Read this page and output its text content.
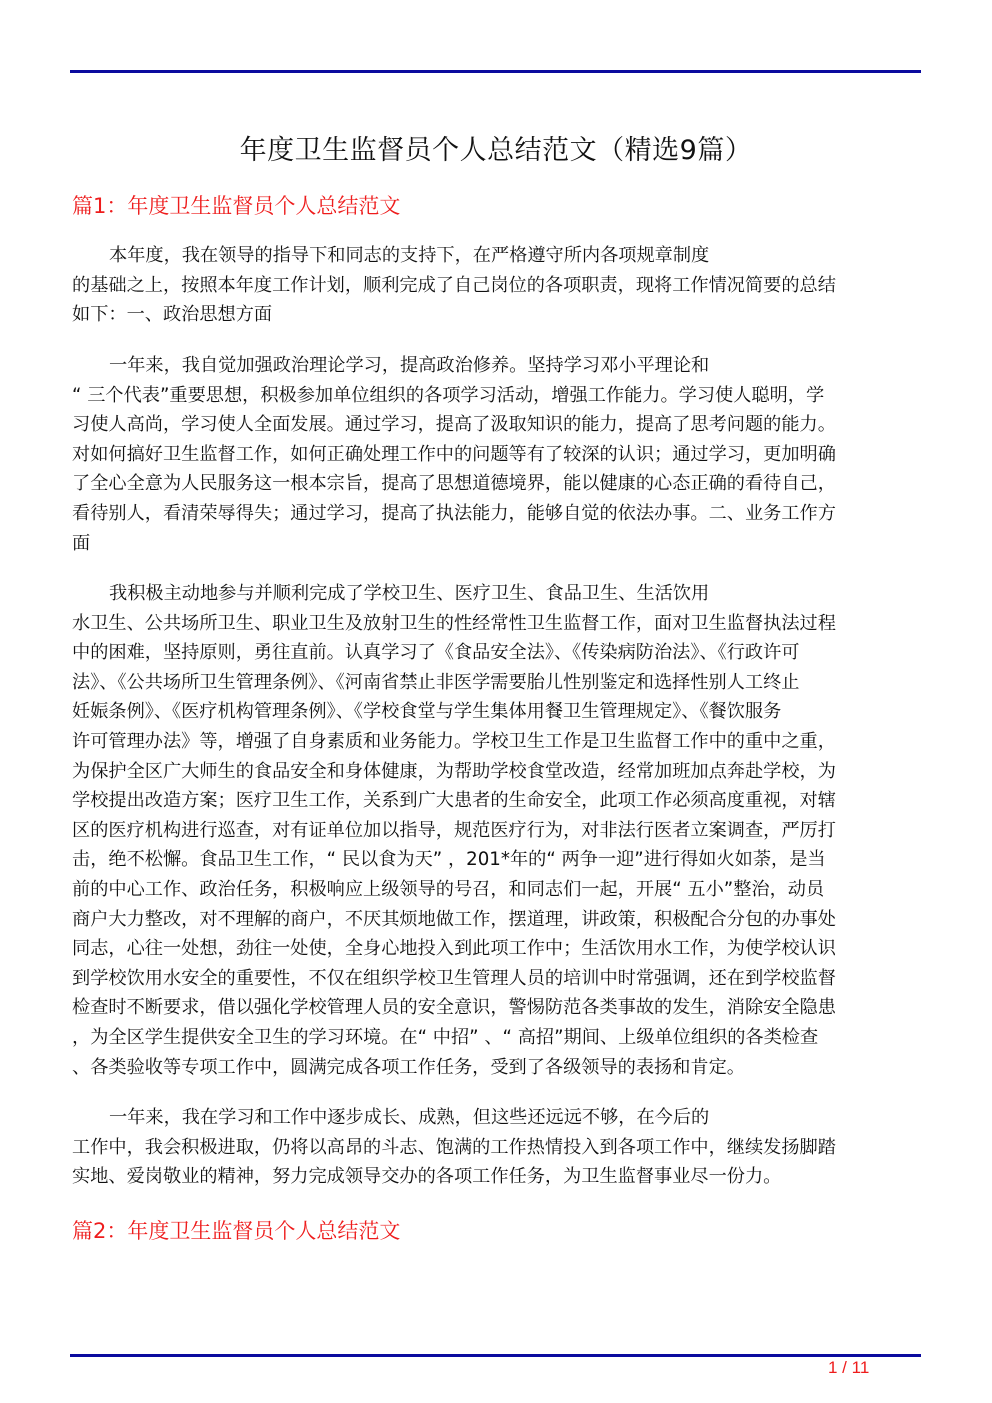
年度卫生监督员个人总结范文（精选9篇）
篇1：年度卫生监督员个人总结范文

本年度，我在领导的指导下和同志的支持下，在严格遵守所内各项规章制度
的基础之上，按照本年度工作计划，顺利完成了自己岗位的各项职责，现将工作情况简要的总结
如下：一、政治思想方面

一年来，我自觉加强政治理论学习，提高政治修养。坚持学习邓小平理论和
“ 三个代表”重要思想，积极参加单位组织的各项学习活动，增强工作能力。学习使人聪明，学
习使人高尚，学习使人全面发展。通过学习，提高了汲取知识的能力，提高了思考问题的能力。
对如何搞好卫生监督工作，如何正确处理工作中的问题等有了较深的认识；通过学习，更加明确
了全心全意为人民服务这一根本宗旨，提高了思想道德境界，能以健康的心态正确的看待自己，
看待别人，看清荣辱得失；通过学习，提高了执法能力，能够自觉的依法办事。二、业务工作方
面

我积极主动地参与并顺利完成了学校卫生、医疗卫生、食品卫生、生活饮用
水卫生、公共场所卫生、职业卫生及放射卫生的性经常性卫生监督工作，面对卫生监督执法过程
中的困难，坚持原则，勇往直前。认真学习了《食品安全法》、《传染病防治法》、《行政许可
法》、《公共场所卫生管理条例》、《河南省禁止非医学需要胎儿性别鉴定和选择性别人工终止
妊娠条例》、《医疗机构管理条例》、《学校食堂与学生集体用餐卫生管理规定》、《餐饮服务
许可管理办法》等，增强了自身素质和业务能力。学校卫生工作是卫生监督工作中的重中之重，
为保护全区广大师生的食品安全和身体健康，为帮助学校食堂改造，经常加班加点奔赴学校，为
学校提出改造方案；医疗卫生工作，关系到广大患者的生命安全，此项工作必须高度重视，对辖
区的医疗机构进行巡查，对有证单位加以指导，规范医疗行为，对非法行医者立案调查，严厉打
击，绝不松懈。食品卫生工作，“ 民以食为天” ，201*年的“ 两争一迎”进行得如火如荼，是当
前的中心工作、政治任务，积极响应上级领导的号召，和同志们一起，开展“ 五小”整治，动员
商户大力整改，对不理解的商户，不厌其烦地做工作，摆道理，讲政策，积极配合分包的办事处
同志，心往一处想，劲往一处使，全身心地投入到此项工作中；生活饮用水工作，为使学校认识
到学校饮用水安全的重要性，不仅在组织学校卫生管理人员的培训中时常强调，还在到学校监督
检查时不断要求，借以强化学校管理人员的安全意识，警惕防范各类事故的发生，消除安全隐患
，为全区学生提供安全卫生的学习环境。在“ 中招” 、“ 高招”期间、上级单位组织的各类检查
、各类验收等专项工作中，圆满完成各项工作任务，受到了各级领导的表扬和肯定。

一年来，我在学习和工作中逐步成长、成熟，但这些还远远不够，在今后的
工作中，我会积极进取，仍将以高昂的斗志、饱满的工作热情投入到各项工作中，继续发扬脚踏
实地、爱岗敬业的精神，努力完成领导交办的各项工作任务，为卫生监督事业尽一份力。

篇2：年度卫生监督员个人总结范文
1 / 11
